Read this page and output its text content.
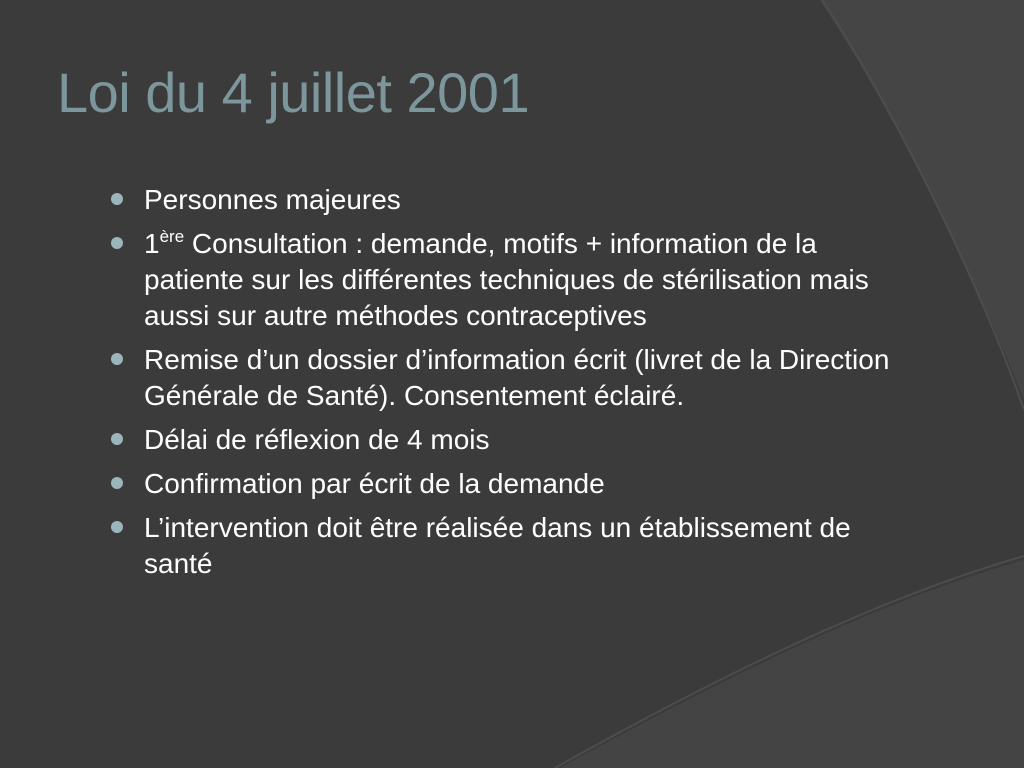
Loi du 4 juillet 2001
Personnes majeures
1ère Consultation : demande, motifs + information de la patiente sur les différentes techniques de stérilisation mais aussi sur autre méthodes contraceptives
Remise d’un dossier d’information écrit (livret de la Direction Générale de Santé). Consentement éclairé.
Délai de réflexion de 4 mois
Confirmation par écrit de la demande
L’intervention doit être réalisée dans un établissement de santé
